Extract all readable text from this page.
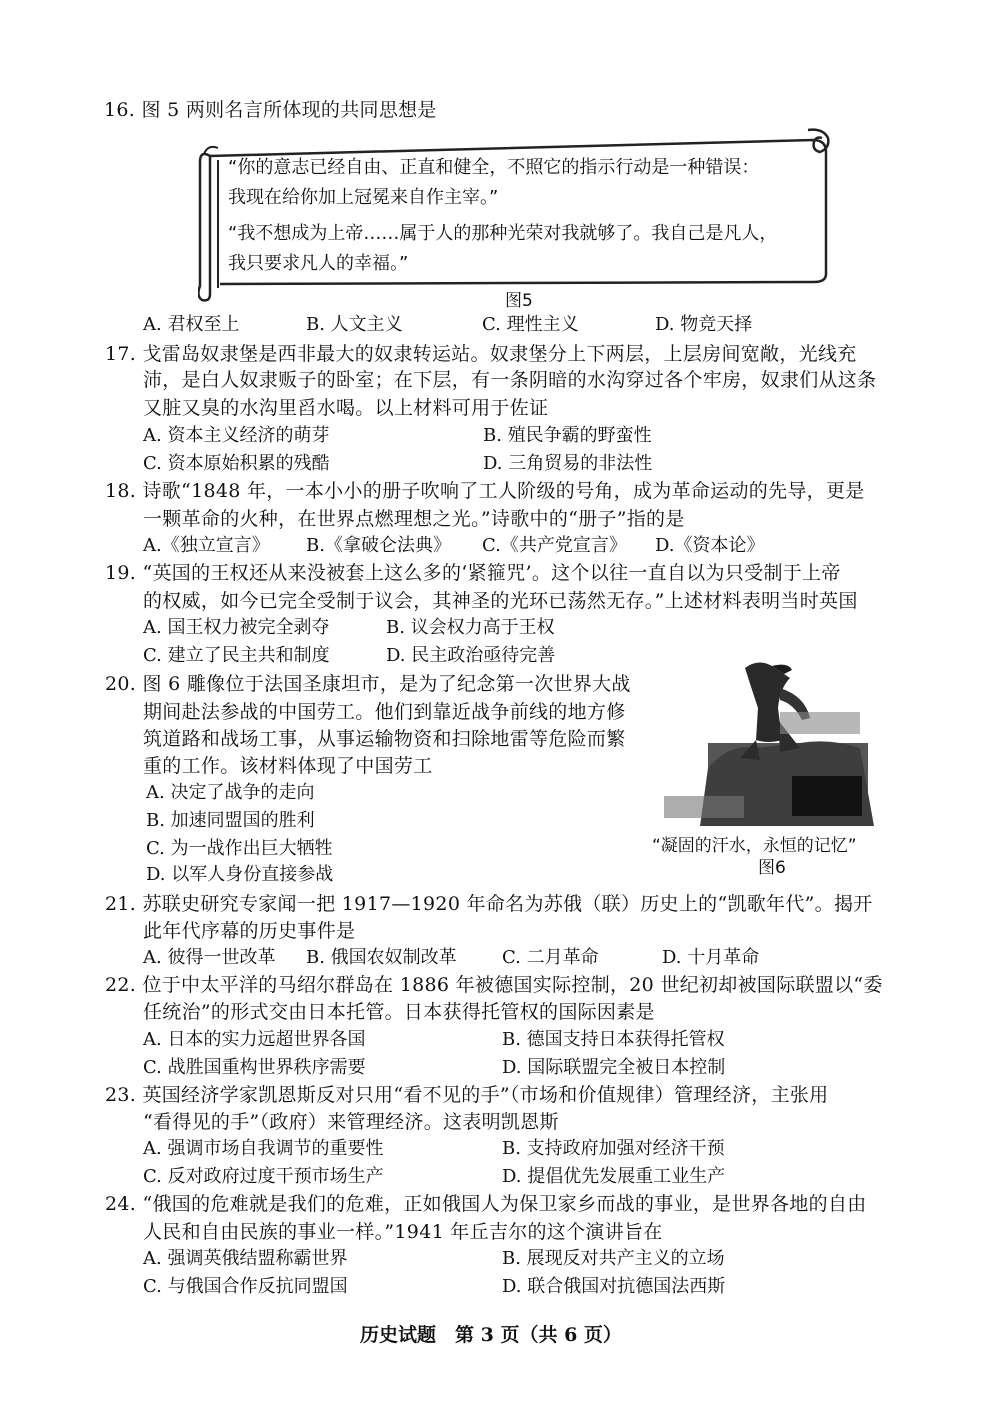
16. 图 5 两则名言所体现的共同思想是
“你的意志已经自由、正直和健全，不照它的指示行动是一种错误：
我现在给你加上冠冕来自作主宰。”
“我不想成为上帝……属于人的那种光荣对我就够了。我自己是凡人，
我只要求凡人的幸福。”
图5
A. 君权至上	B. 人文主义	C. 理性主义	D. 物竞天择
17. 戈雷岛奴隶堡是西非最大的奴隶转运站。奴隶堡分上下两层，上层房间宽敞，光线充
沛，是白人奴隶贩子的卧室；在下层，有一条阴暗的水沟穿过各个牢房，奴隶们从这条
又脏又臭的水沟里舀水喝。以上材料可用于佐证
A. 资本主义经济的萌芽	B. 殖民争霸的野蛮性
C. 资本原始积累的残酷	D. 三角贸易的非法性
18. 诗歌“1848 年，一本小小的册子吹响了工人阶级的号角，成为革命运动的先导，更是
一颗革命的火种，在世界点燃理想之光。”诗歌中的“册子”指的是
A.《独立宣言》 B.《拿破仑法典》 C.《共产党宣言》 D.《资本论》
19. “英国的王权还从来没被套上这么多的‘紧箍咒’。这个以往一直自以为只受制于上帝
的权威，如今已完全受制于议会，其神圣的光环已荡然无存。”上述材料表明当时英国
A. 国王权力被完全剥夺	B. 议会权力高于王权
C. 建立了民主共和制度	D. 民主政治亟待完善
20. 图 6 雕像位于法国圣康坦市，是为了纪念第一次世界大战
期间赴法参战的中国劳工。他们到靠近战争前线的地方修
筑道路和战场工事，从事运输物资和扫除地雷等危险而繁
重的工作。该材料体现了中国劳工
A. 决定了战争的走向
B. 加速同盟国的胜利
C. 为一战作出巨大牺牲
D. 以军人身份直接参战
“凝固的汗水，永恒的记忆”
图6
21. 苏联史研究专家闻一把 1917—1920 年命名为苏俄（联）历史上的“凯歌年代”。揭开
此年代序幕的历史事件是
A. 彼得一世改革 B. 俄国农奴制改革	C. 二月革命	D. 十月革命
22. 位于中太平洋的马绍尔群岛在 1886 年被德国实际控制，20 世纪初却被国际联盟以“委
任统治”的形式交由日本托管。日本获得托管权的国际因素是
A. 日本的实力远超世界各国	B. 德国支持日本获得托管权
C. 战胜国重构世界秩序需要	D. 国际联盟完全被日本控制
23. 英国经济学家凯恩斯反对只用“看不见的手”（市场和价值规律）管理经济，主张用
“看得见的手”（政府）来管理经济。这表明凯恩斯
A. 强调市场自我调节的重要性	B. 支持政府加强对经济干预
C. 反对政府过度干预市场生产	D. 提倡优先发展重工业生产
24. “俄国的危难就是我们的危难，正如俄国人为保卫家乡而战的事业，是世界各地的自由
人民和自由民族的事业一样。”1941 年丘吉尔的这个演讲旨在
A. 强调英俄结盟称霸世界	B. 展现反对共产主义的立场
C. 与俄国合作反抗同盟国	D. 联合俄国对抗德国法西斯
历史试题　第 3 页（共 6 页）
